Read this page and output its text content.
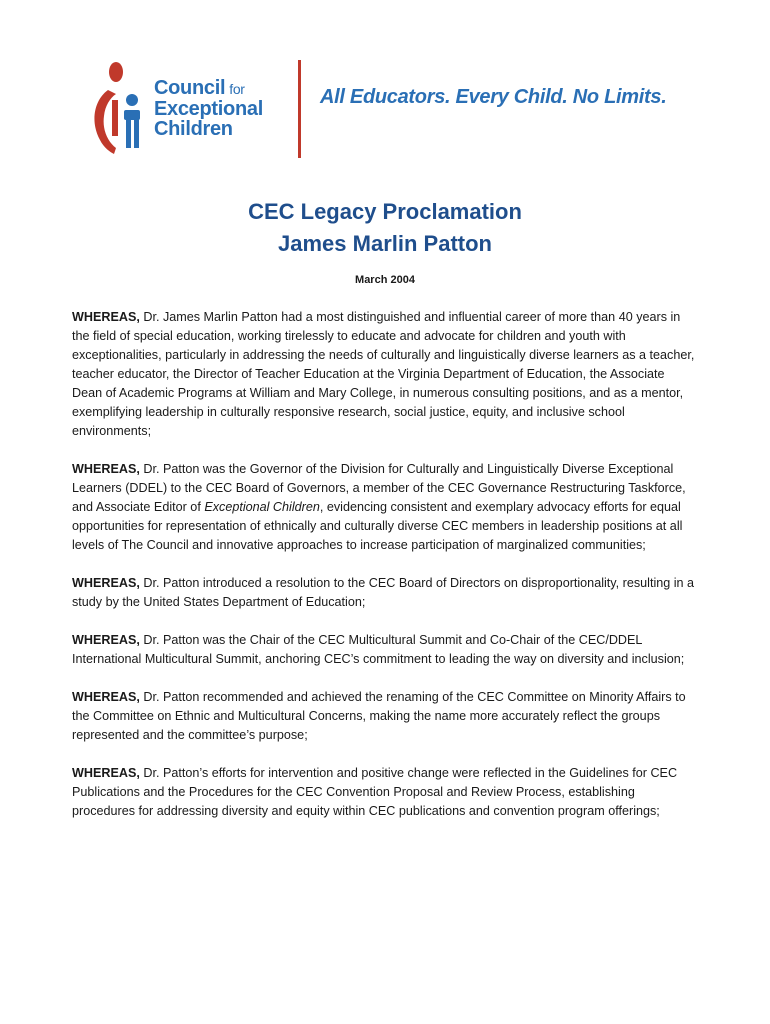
Council for
Exceptional
Children
All Educators. Every Child. No Limits.
CEC Legacy Proclamation
James Marlin Patton
March 2004

WHEREAS, Dr. James Marlin Patton had a most distinguished and influential career of more than 40 years in the field of special education, working tirelessly to educate and advocate for children and youth with exceptionalities, particularly in addressing the needs of culturally and linguistically diverse learners as a teacher, teacher educator, the Director of Teacher Education at the Virginia Department of Education, the Associate Dean of Academic Programs at William and Mary College, in numerous consulting positions, and as a mentor, exemplifying leadership in culturally responsive research, social justice, equity, and inclusive school environments;

WHEREAS, Dr. Patton was the Governor of the Division for Culturally and Linguistically Diverse Exceptional Learners (DDEL) to the CEC Board of Governors, a member of the CEC Governance Restructuring Taskforce, and Associate Editor of Exceptional Children, evidencing consistent and exemplary advocacy efforts for equal opportunities for representation of ethnically and culturally diverse CEC members in leadership positions at all levels of The Council and innovative approaches to increase participation of marginalized communities;

WHEREAS, Dr. Patton introduced a resolution to the CEC Board of Directors on disproportionality, resulting in a study by the United States Department of Education;

WHEREAS, Dr. Patton was the Chair of the CEC Multicultural Summit and Co-Chair of the CEC/DDEL International Multicultural Summit, anchoring CEC’s commitment to leading the way on diversity and inclusion;

WHEREAS, Dr. Patton recommended and achieved the renaming of the CEC Committee on Minority Affairs to the Committee on Ethnic and Multicultural Concerns, making the name more accurately reflect the groups represented and the committee’s purpose;

WHEREAS, Dr. Patton’s efforts for intervention and positive change were reflected in the Guidelines for CEC Publications and the Procedures for the CEC Convention Proposal and Review Process, establishing procedures for addressing diversity and equity within CEC publications and convention program offerings;
